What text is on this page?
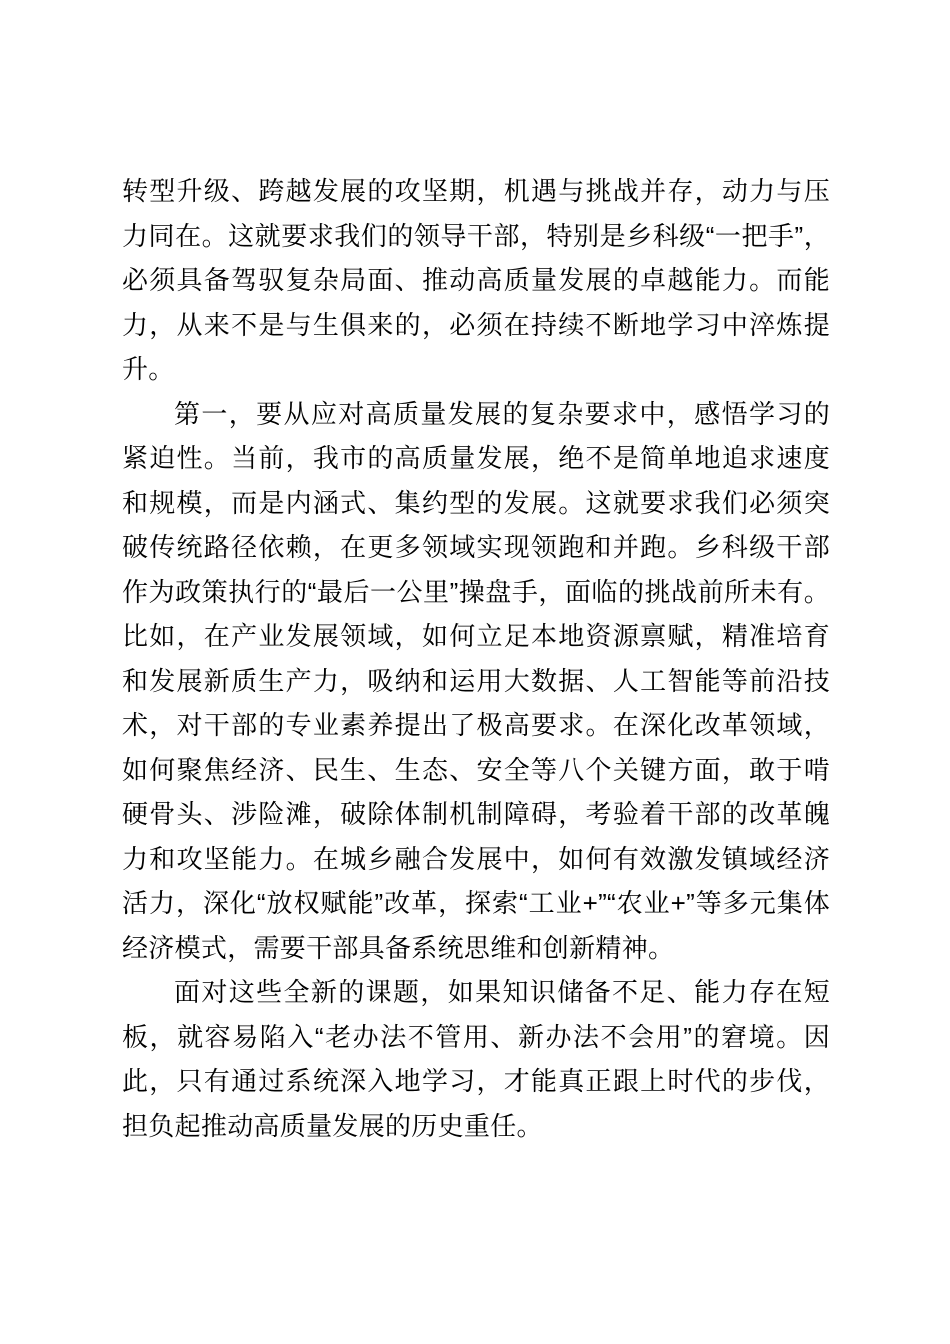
转型升级、跨越发展的攻坚期，机遇与挑战并存，动力与压力同在。这就要求我们的领导干部，特别是乡科级“一把手”，必须具备驾驭复杂局面、推动高质量发展的卓越能力。而能力，从来不是与生俱来的，必须在持续不断地学习中淬炼提升。

第一，要从应对高质量发展的复杂要求中，感悟学习的紧迫性。当前，我市的高质量发展，绝不是简单地追求速度和规模，而是内涵式、集约型的发展。这就要求我们必须突破传统路径依赖，在更多领域实现领跑和并跑。乡科级干部作为政策执行的“最后一公里”操盘手，面临的挑战前所未有。比如，在产业发展领域，如何立足本地资源禀赋，精准培育和发展新质生产力，吸纳和运用大数据、人工智能等前沿技术，对干部的专业素养提出了极高要求。在深化改革领域，如何聚焦经济、民生、生态、安全等八个关键方面，敢于啃硬骨头、涉险滩，破除体制机制障碍，考验着干部的改革魄力和攻坚能力。在城乡融合发展中，如何有效激发镇域经济活力，深化“放权赋能”改革，探索“工业+”“农业+”等多元集体经济模式，需要干部具备系统思维和创新精神。

面对这些全新的课题，如果知识储备不足、能力存在短板，就容易陷入“老办法不管用、新办法不会用”的窘境。因此，只有通过系统深入地学习，才能真正跟上时代的步伐，担负起推动高质量发展的历史重任。
